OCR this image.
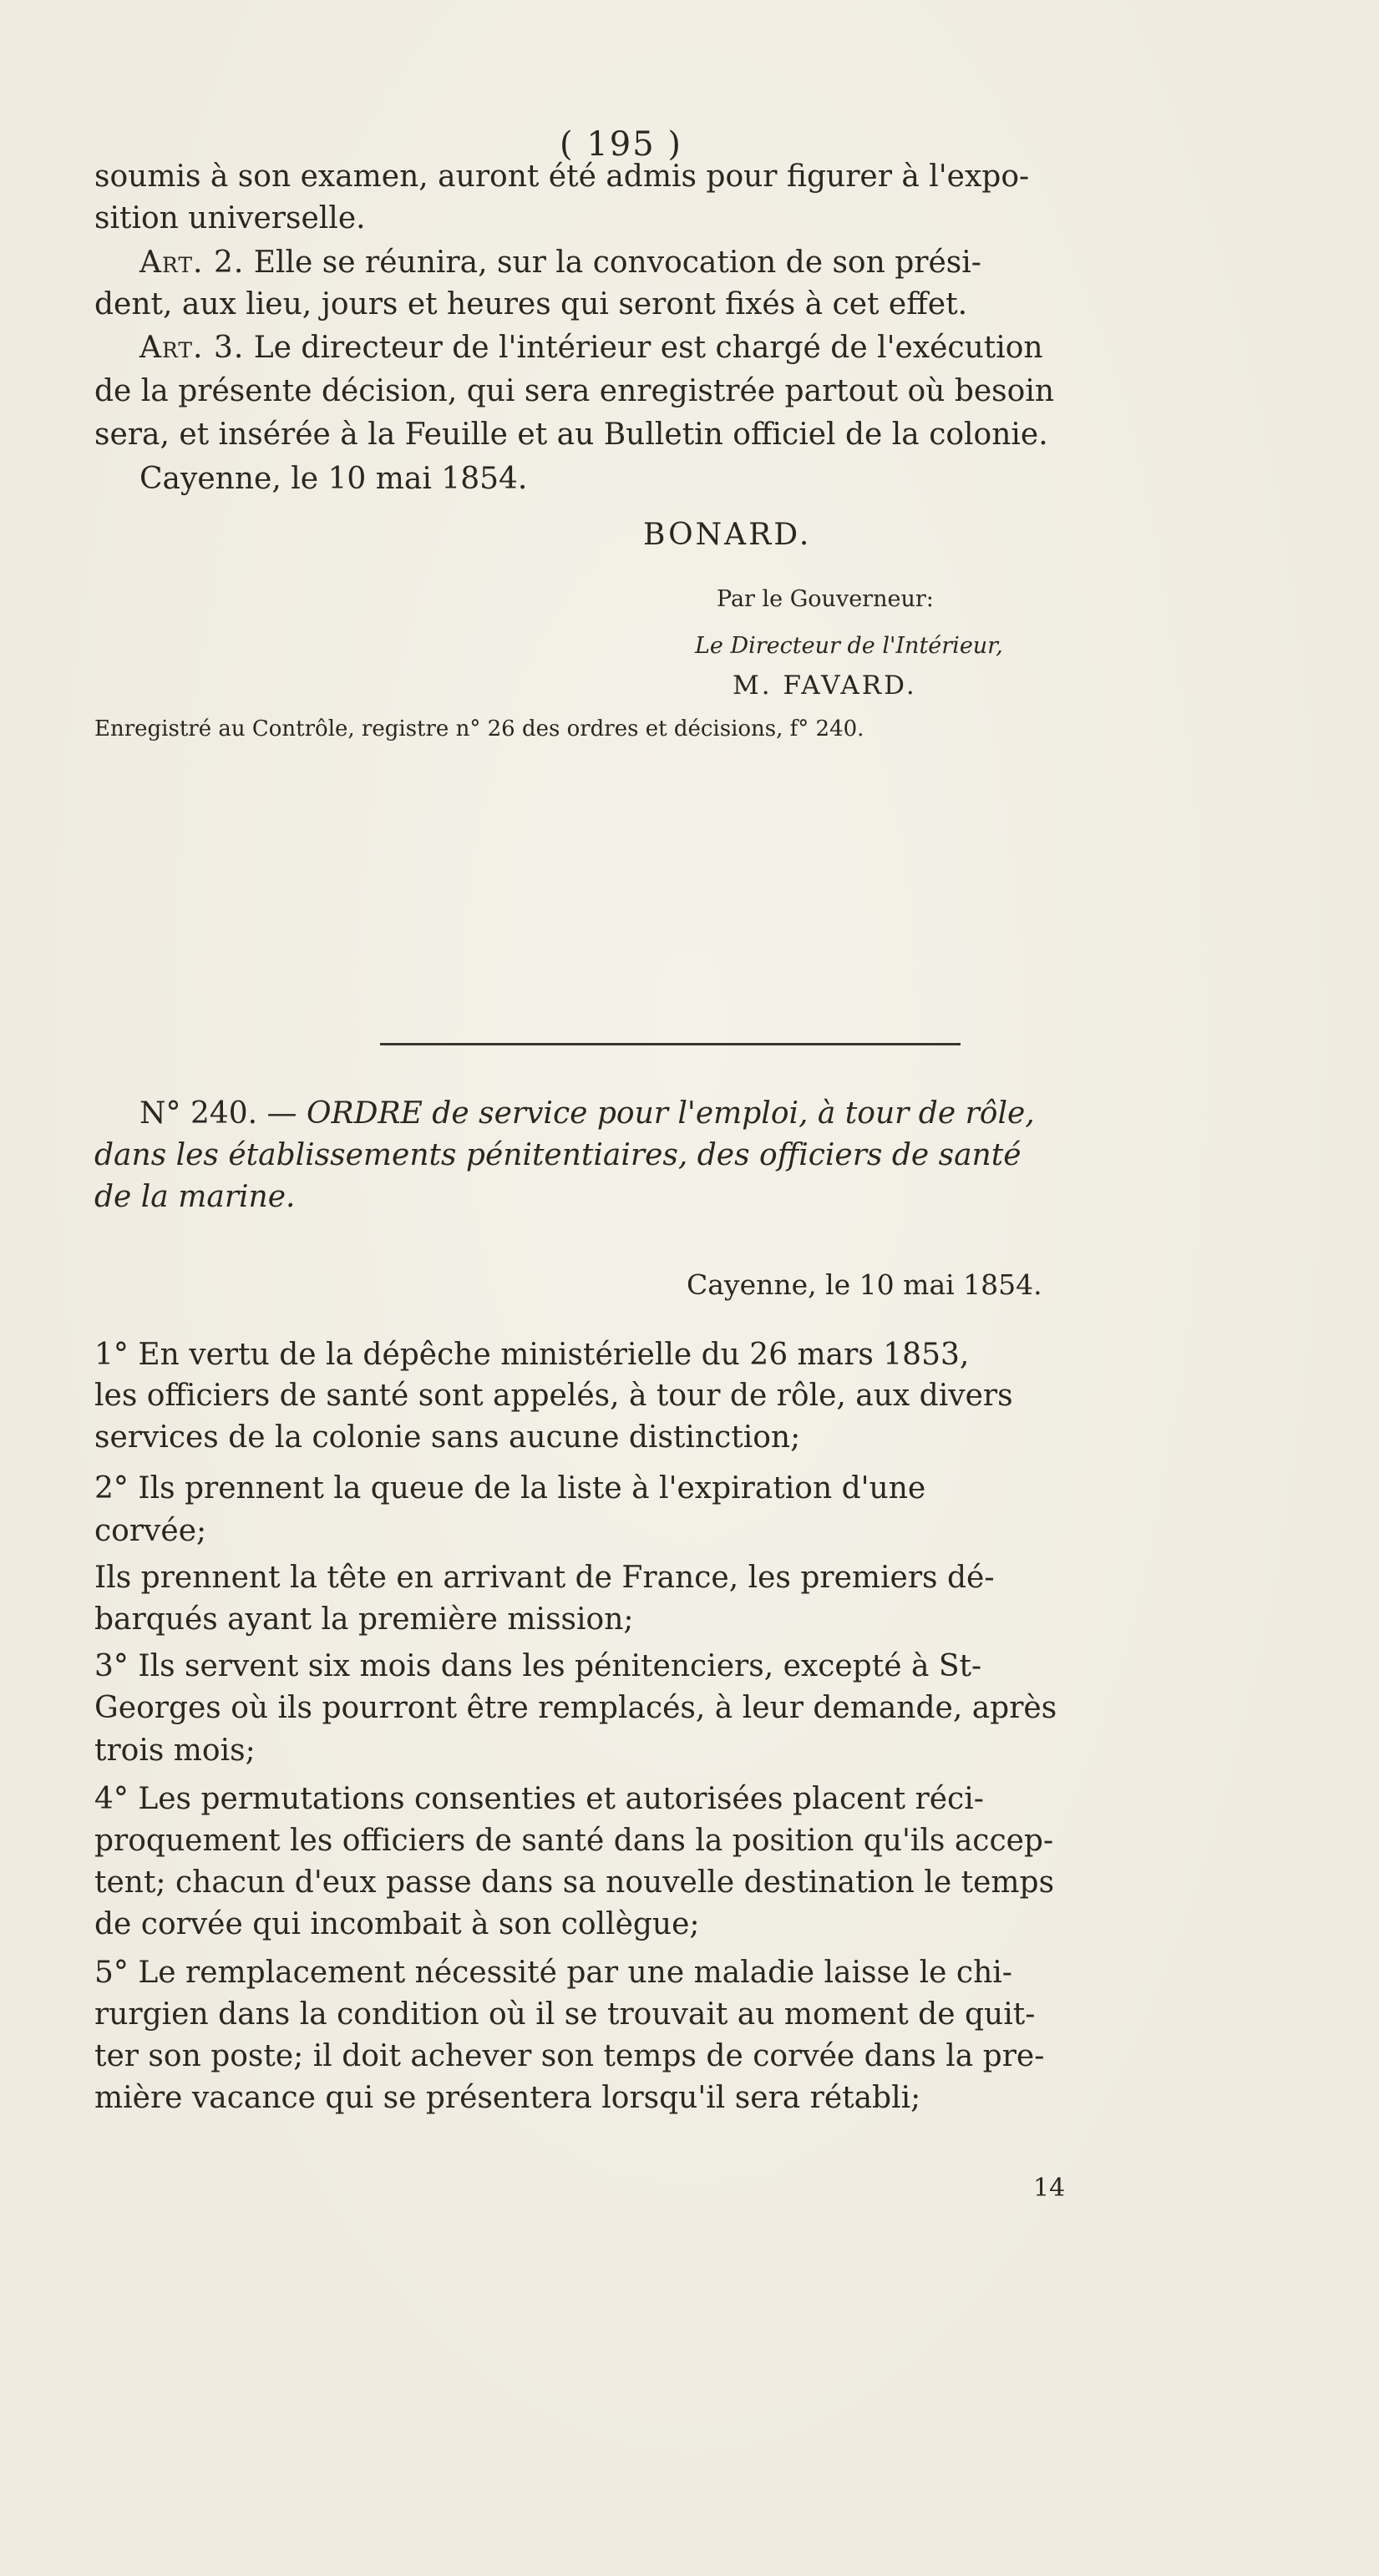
( 195 )
soumis à son examen, auront été admis pour figurer à l'expo-
sition universelle.
Art. 2. Elle se réunira, sur la convocation de son prési-
dent, aux lieu, jours et heures qui seront fixés à cet effet.
Art. 3. Le directeur de l'intérieur est chargé de l'exécution
de la présente décision, qui sera enregistrée partout où besoin
sera, et insérée à la Feuille et au Bulletin officiel de la colonie.
Cayenne, le 10 mai 1854.
BONARD.
Par le Gouverneur:
Le Directeur de l'Intérieur,
M. FAVARD.
Enregistré au Contrôle, registre n° 26 des ordres et décisions, f° 240.
N° 240. — ORDRE de service pour l'emploi, à tour de rôle,
dans les établissements pénitentiaires, des officiers de santé
de la marine.
Cayenne, le 10 mai 1854.
1° En vertu de la dépêche ministérielle du 26 mars 1853,
les officiers de santé sont appelés, à tour de rôle, aux divers
services de la colonie sans aucune distinction;
2° Ils prennent la queue de la liste à l'expiration d'une
corvée;
Ils prennent la tête en arrivant de France, les premiers dé-
barqués ayant la première mission;
3° Ils servent six mois dans les pénitenciers, excepté à St-
Georges où ils pourront être remplacés, à leur demande, après
trois mois;
4° Les permutations consenties et autorisées placent réci-
proquement les officiers de santé dans la position qu'ils accep-
tent; chacun d'eux passe dans sa nouvelle destination le temps
de corvée qui incombait à son collègue;
5° Le remplacement nécessité par une maladie laisse le chi-
rurgien dans la condition où il se trouvait au moment de quit-
ter son poste; il doit achever son temps de corvée dans la pre-
mière vacance qui se présentera lorsqu'il sera rétabli;
14
